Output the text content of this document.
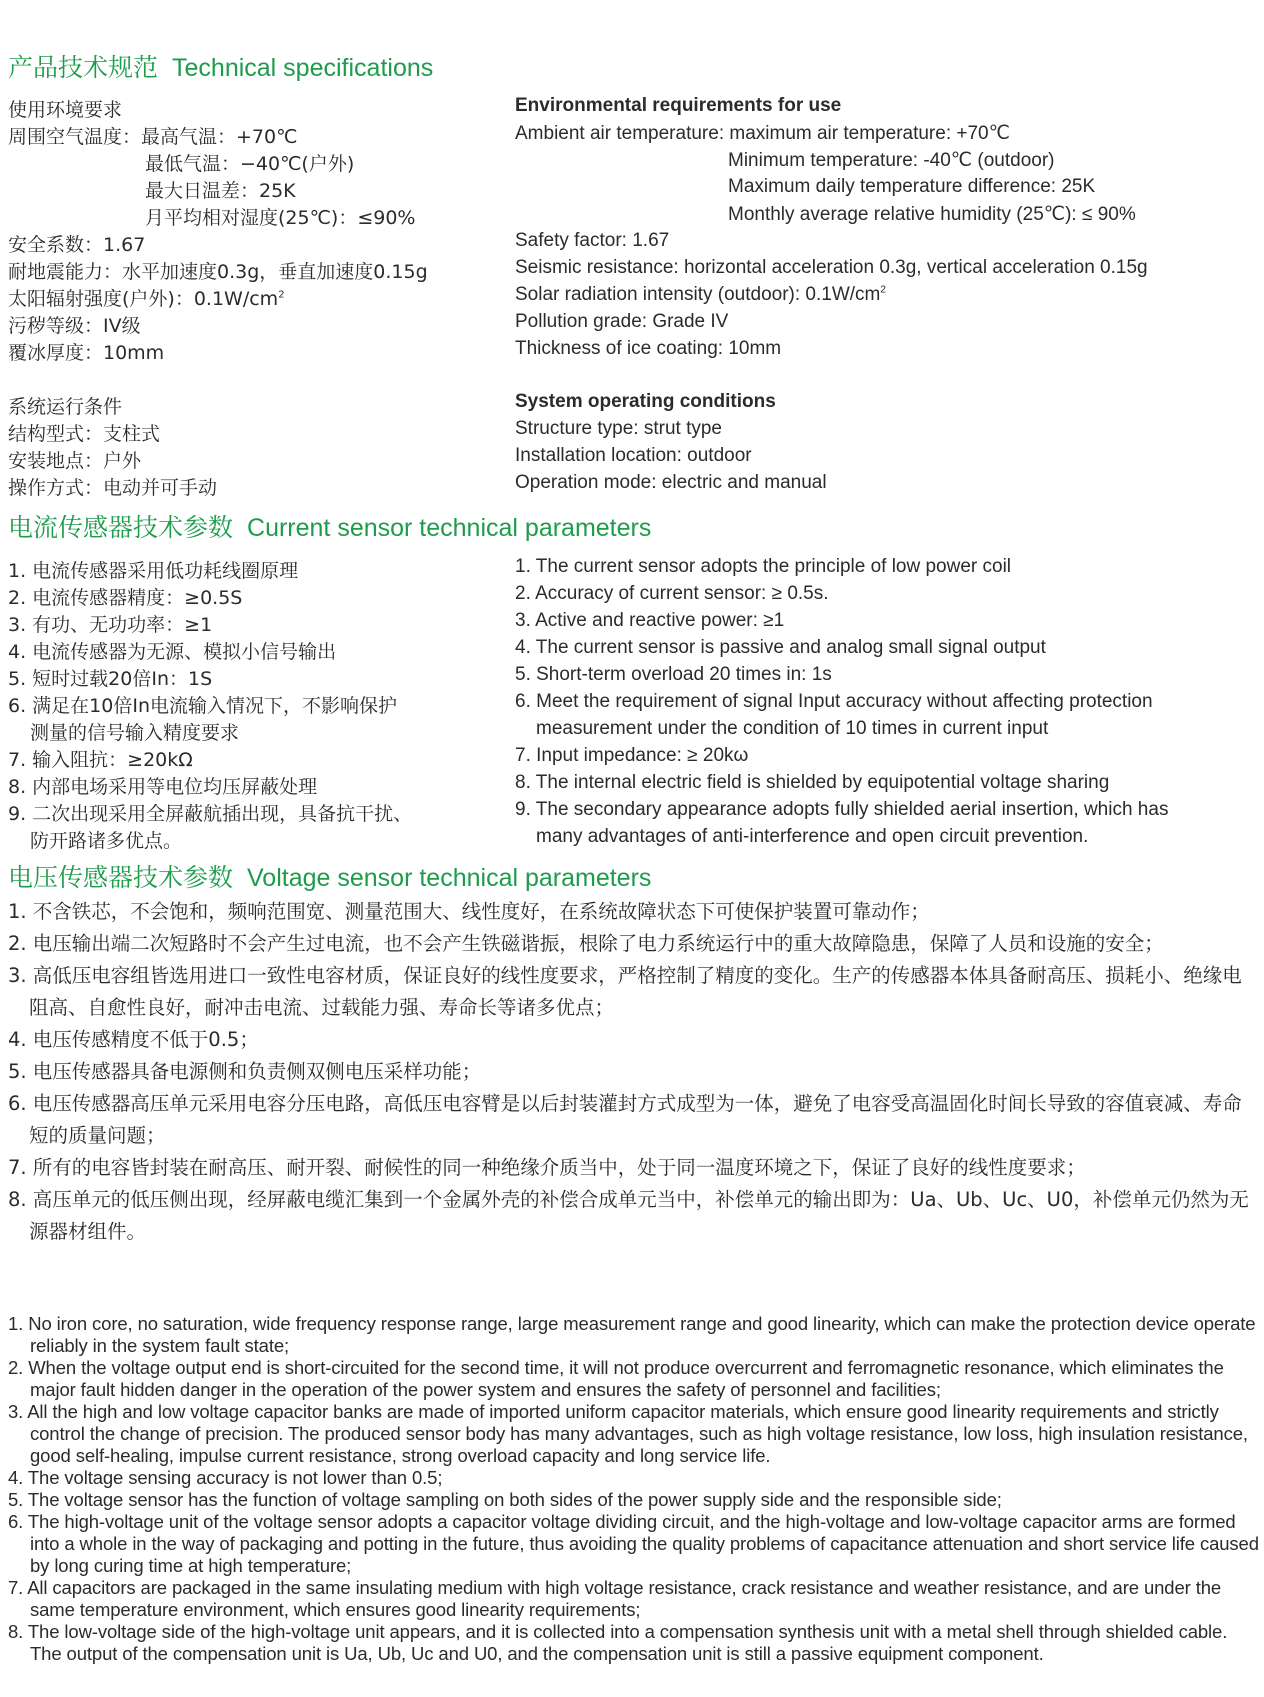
产品技术规范 Technical specifications
使用环境要求
周围空气温度：最高气温：+70℃
最低气温：−40℃(户外)
最大日温差：25K
月平均相对湿度(25℃)：≤90%
安全系数：1.67
耐地震能力：水平加速度0.3g，垂直加速度0.15g
太阳辐射强度(户外)：$0.1W/cm^2$
污秽等级：IV级
覆冰厚度：10mm
Environmental requirements for use
Ambient air temperature: maximum air temperature: +70℃
Minimum temperature: -40℃ (outdoor)
Maximum daily temperature difference: 25K
Monthly average relative humidity (25℃): ≤ 90%
Safety factor: 1.67
Seismic resistance: horizontal acceleration 0.3g, vertical acceleration 0.15g
Solar radiation intensity (outdoor): $0.1W/cm^2$
Pollution grade: Grade IV
Thickness of ice coating: 10mm
系统运行条件
结构型式：支柱式
安装地点：户外
操作方式：电动并可手动
System operating conditions
Structure type: strut type
Installation location: outdoor
Operation mode: electric and manual
电流传感器技术参数 Current sensor technical parameters
1. 电流传感器采用低功耗线圈原理
2. 电流传感器精度：≥0.5S
3. 有功、无功功率：≥1
4. 电流传感器为无源、模拟小信号输出
5. 短时过载20倍In：1S
6. 满足在10倍In电流输入情况下，不影响保护
测量的信号输入精度要求
7. 输入阻抗：≥20kΩ
8. 内部电场采用等电位均压屏蔽处理
9. 二次出现采用全屏蔽航插出现，具备抗干扰、
防开路诸多优点。
1. The current sensor adopts the principle of low power coil
2. Accuracy of current sensor: ≥ 0.5s.
3. Active and reactive power: ≥1
4. The current sensor is passive and analog small signal output
5. Short-term overload 20 times in: 1s
6. Meet the requirement of signal Input accuracy without affecting protection
measurement under the condition of 10 times in current input
7. Input impedance: ≥ 20kω
8. The internal electric field is shielded by equipotential voltage sharing
9. The secondary appearance adopts fully shielded aerial insertion, which has
many advantages of anti-interference and open circuit prevention.
电压传感器技术参数 Voltage sensor technical parameters
1. 不含铁芯，不会饱和，频响范围宽、测量范围大、线性度好，在系统故障状态下可使保护装置可靠动作；
2. 电压输出端二次短路时不会产生过电流，也不会产生铁磁谐振，根除了电力系统运行中的重大故障隐患，保障了人员和设施的安全；
3. 高低压电容组皆选用进口一致性电容材质，保证良好的线性度要求，严格控制了精度的变化。生产的传感器本体具备耐高压、损耗小、绝缘电阻高、自愈性良好，耐冲击电流、过载能力强、寿命长等诸多优点；
4. 电压传感精度不低于0.5；
5. 电压传感器具备电源侧和负责侧双侧电压采样功能；
6. 电压传感器高压单元采用电容分压电路，高低压电容臂是以后封装灌封方式成型为一体，避免了电容受高温固化时间长导致的容值衰减、寿命短的质量问题；
7. 所有的电容皆封装在耐高压、耐开裂、耐候性的同一种绝缘介质当中，处于同一温度环境之下，保证了良好的线性度要求；
8. 高压单元的低压侧出现，经屏蔽电缆汇集到一个金属外壳的补偿合成单元当中，补偿单元的输出即为：Ua、Ub、Uc、U0，补偿单元仍然为无源器材组件。
1. No iron core, no saturation, wide frequency response range, large measurement range and good linearity, which can make the protection device operate reliably in the system fault state;
2. When the voltage output end is short-circuited for the second time, it will not produce overcurrent and ferromagnetic resonance, which eliminates the major fault hidden danger in the operation of the power system and ensures the safety of personnel and facilities;
3. All the high and low voltage capacitor banks are made of imported uniform capacitor materials, which ensure good linearity requirements and strictly control the change of precision. The produced sensor body has many advantages, such as high voltage resistance, low loss, high insulation resistance, good self-healing, impulse current resistance, strong overload capacity and long service life.
4. The voltage sensing accuracy is not lower than 0.5;
5. The voltage sensor has the function of voltage sampling on both sides of the power supply side and the responsible side;
6. The high-voltage unit of the voltage sensor adopts a capacitor voltage dividing circuit, and the high-voltage and low-voltage capacitor arms are formed into a whole in the way of packaging and potting in the future, thus avoiding the quality problems of capacitance attenuation and short service life caused by long curing time at high temperature;
7. All capacitors are packaged in the same insulating medium with high voltage resistance, crack resistance and weather resistance, and are under the same temperature environment, which ensures good linearity requirements;
8. The low-voltage side of the high-voltage unit appears, and it is collected into a compensation synthesis unit with a metal shell through shielded cable. The output of the compensation unit is Ua, Ub, Uc and U0, and the compensation unit is still a passive equipment component.
